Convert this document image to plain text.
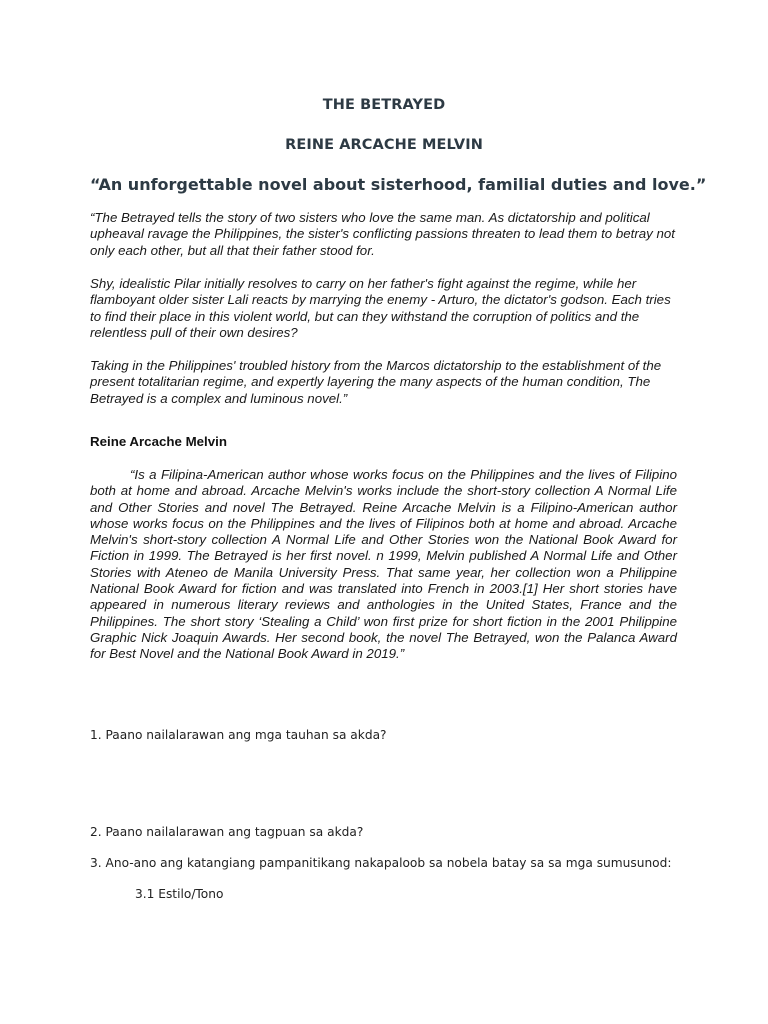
THE BETRAYED
REINE ARCACHE MELVIN

“An unforgettable novel about sisterhood, familial duties and love.”

“The Betrayed tells the story of two sisters who love the same man. As dictatorship and political upheaval ravage the Philippines, the sister's conflicting passions threaten to lead them to betray not only each other, but all that their father stood for.

Shy, idealistic Pilar initially resolves to carry on her father's fight against the regime, while her flamboyant older sister Lali reacts by marrying the enemy - Arturo, the dictator's godson. Each tries to find their place in this violent world, but can they withstand the corruption of politics and the relentless pull of their own desires?

Taking in the Philippines' troubled history from the Marcos dictatorship to the establishment of the present totalitarian regime, and expertly layering the many aspects of the human condition, The Betrayed is a complex and luminous novel.”

Reine Arcache Melvin

“Is a Filipina-American author whose works focus on the Philippines and the lives of Filipino both at home and abroad. Arcache Melvin's works include the short-story collection A Normal Life and Other Stories and novel The Betrayed. Reine Arcache Melvin is a Filipino-American author whose works focus on the Philippines and the lives of Filipinos both at home and abroad. Arcache Melvin's short-story collection A Normal Life and Other Stories won the National Book Award for Fiction in 1999. The Betrayed is her first novel. n 1999, Melvin published A Normal Life and Other Stories with Ateneo de Manila University Press. That same year, her collection won a Philippine National Book Award for fiction and was translated into French in 2003.[1] Her short stories have appeared in numerous literary reviews and anthologies in the United States, France and the Philippines. The short story ‘Stealing a Child’ won first prize for short fiction in the 2001 Philippine Graphic Nick Joaquin Awards. Her second book, the novel The Betrayed, won the Palanca Award for Best Novel and the National Book Award in 2019.”

1. Paano nailalarawan ang mga tauhan sa akda?

2. Paano nailalarawan ang tagpuan sa akda?

3. Ano-ano ang katangiang pampanitikang nakapaloob sa nobela batay sa sa mga sumusunod:

3.1 Estilo/Tono
